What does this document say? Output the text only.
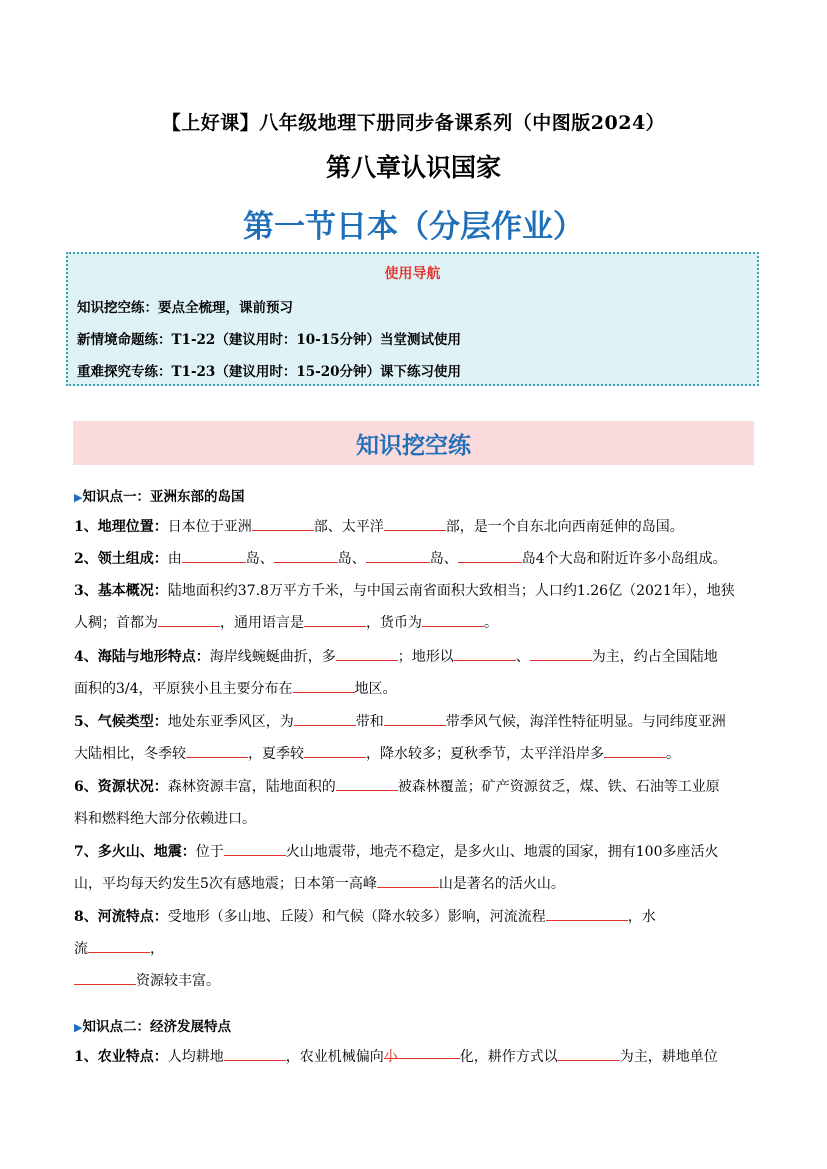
【上好课】八年级地理下册同步备课系列（中图版2024）
第八章认识国家
第一节日本（分层作业）
使用导航
知识挖空练：要点全梳理，课前预习
新情境命题练：T1-22（建议用时：10-15分钟）当堂测试使用
重难探究专练：T1-23（建议用时：15-20分钟）课下练习使用
知识挖空练
▶知识点一：亚洲东部的岛国
1、地理位置：日本位于亚洲	部、太平洋	部，是一个自东北向西南延伸的岛国。
2、领土组成：由	岛、	岛、	岛、	岛4个大岛和附近许多小岛组成。
3、基本概况：陆地面积约37.8万平方千米，与中国云南省面积大致相当；人口约1.26亿（2021年），地狭
人稠；首都为	，通用语言是	，货币为	。
4、海陆与地形特点：海岸线蜿蜒曲折，多	；地形以	、	为主，约占全国陆地
面积的3/4，平原狭小且主要分布在	地区。
5、气候类型：地处东亚季风区，为	带和	带季风气候，海洋性特征明显。与同纬度亚洲
大陆相比，冬季较	，夏季较	，降水较多；夏秋季节，太平洋沿岸多	。
6、资源状况：森林资源丰富，陆地面积的	被森林覆盖；矿产资源贫乏，煤、铁、石油等工业原
料和燃料绝大部分依赖进口。
7、多火山、地震：位于	火山地震带，地壳不稳定，是多火山、地震的国家，拥有100多座活火
山，平均每天约发生5次有感地震；日本第一高峰	山是著名的活火山。
8、河流特点：受地形（多山地、丘陵）和气候（降水较多）影响，河流流程	，水
流	，
资源较丰富。
▶知识点二：经济发展特点
1、农业特点：人均耕地	，农业机械偏向小	化，耕作方式以	为主，耕地单位
